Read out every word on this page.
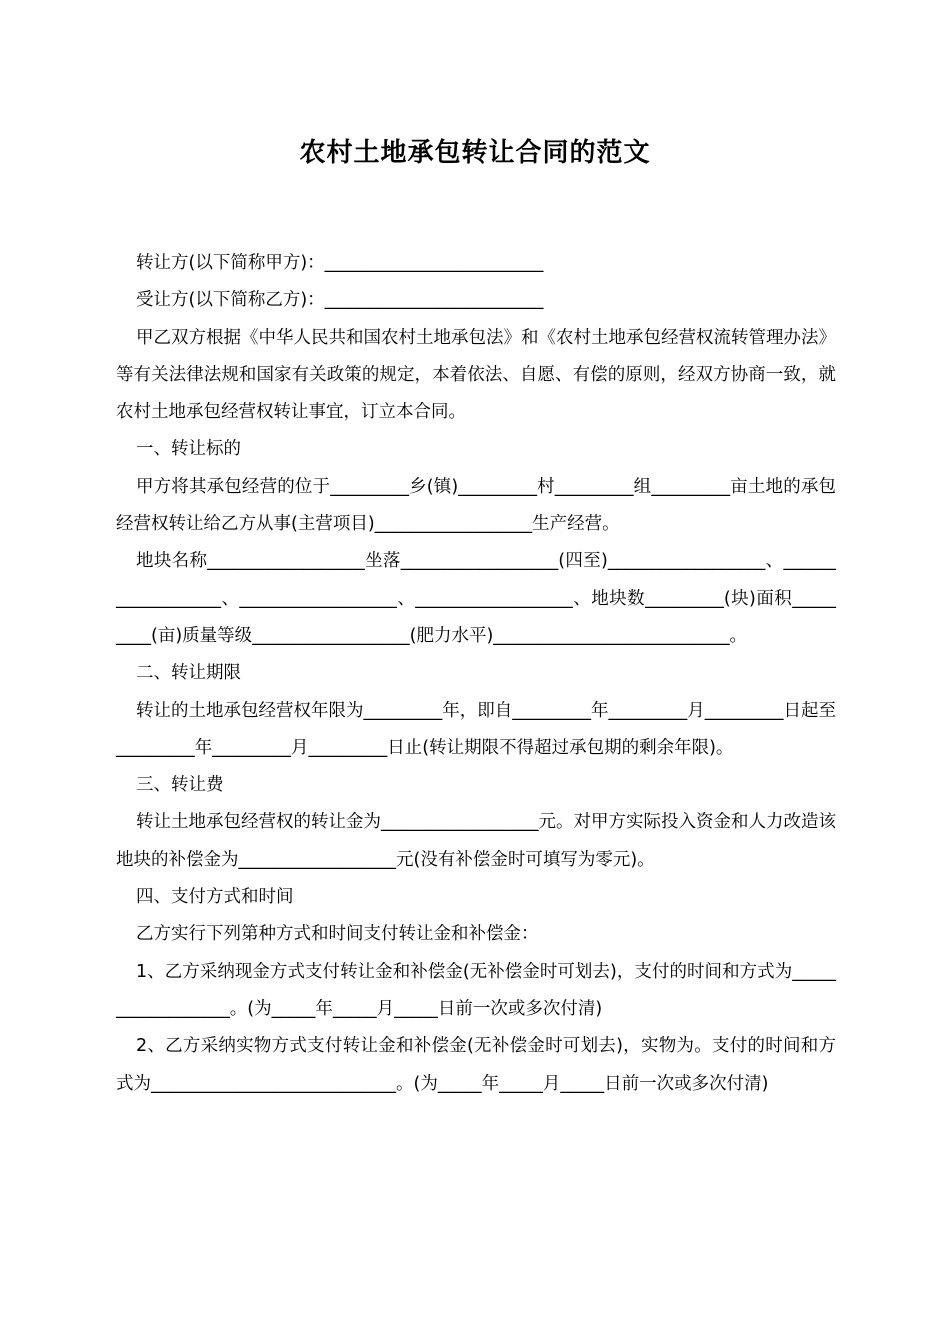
农村土地承包转让合同的范文

转让方(以下简称甲方)：_________________________

受让方(以下简称乙方)：_________________________

甲乙双方根据《中华人民共和国农村土地承包法》和《农村土地承包经营权流转管理办法》等有关法律法规和国家有关政策的规定，本着依法、自愿、有偿的原则，经双方协商一致，就农村土地承包经营权转让事宜，订立本合同。

一、转让标的

甲方将其承包经营的位于_________乡(镇)_________村_________组_________亩土地的承包经营权转让给乙方从事(主营项目)__________________生产经营。

地块名称__________________坐落__________________(四至)__________________、__________________、__________________、__________________、地块数_________(块)面积_________(亩)质量等级__________________(肥力水平)___________________________。

二、转让期限

转让的土地承包经营权年限为_________年，即自_________年_________月_________日起至_________年_________月_________日止(转让期限不得超过承包期的剩余年限)。

三、转让费

转让土地承包经营权的转让金为__________________元。对甲方实际投入资金和人力改造该地块的补偿金为__________________元(没有补偿金时可填写为零元)。

四、支付方式和时间

乙方实行下列第种方式和时间支付转让金和补偿金：

1、乙方采纳现金方式支付转让金和补偿金(无补偿金时可划去)，支付的时间和方式为__________________。(为_____年_____月_____日前一次或多次付清)

2、乙方采纳实物方式支付转让金和补偿金(无补偿金时可划去)，实物为。支付的时间和方式为____________________________。(为_____年_____月_____日前一次或多次付清)
